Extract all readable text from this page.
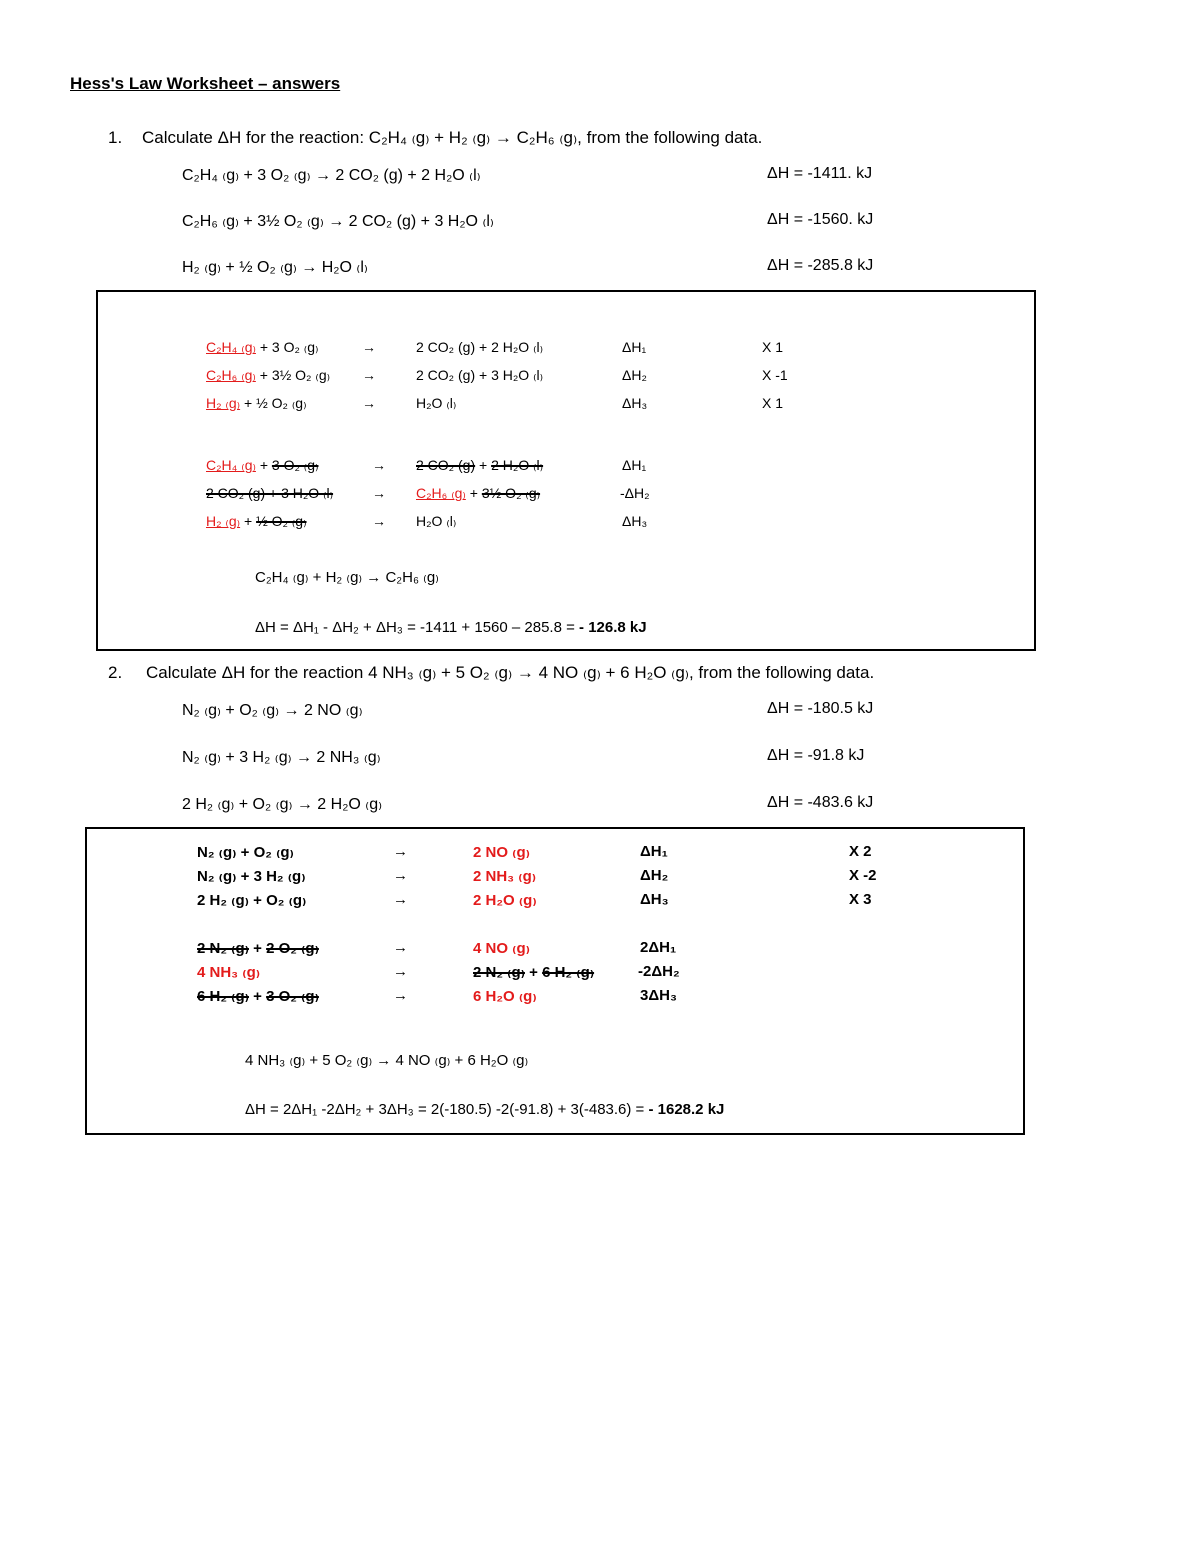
Hess's Law Worksheet – answers
1. Calculate ΔH for the reaction: C₂H₄ ₍g₎ + H₂ ₍g₎ → C₂H₆ ₍g₎, from the following data.
C₂H₄ ₍g₎ + 3 O₂ ₍g₎ → 2 CO₂ (g) + 2 H₂O ₍l₎	ΔH = -1411. kJ
C₂H₆ ₍g₎ + 3½ O₂ ₍g₎ → 2 CO₂ (g) + 3 H₂O ₍l₎	ΔH = -1560. kJ
H₂ ₍g₎ + ½ O₂ ₍g₎ → H₂O ₍l₎	ΔH = -285.8 kJ
C₂H₄ ₍g₎ + 3 O₂ ₍g₎	→	2 CO₂ (g) + 2 H₂O ₍l₎	ΔH₁	X 1
C₂H₆ ₍g₎ + 3½ O₂ ₍g₎ →	2 CO₂ (g) + 3 H₂O ₍l₎	ΔH₂	X -1
H₂ ₍g₎ + ½ O₂ ₍g₎	→	H₂O ₍l₎	ΔH₃	X 1
C₂H₄ ₍g₎ + 3 O₂ ₍g₎	→ 2 CO₂ (g) + 2 H₂O ₍l₎	ΔH₁
2 CO₂ (g) + 3 H₂O ₍l₎	→ C₂H₆ ₍g₎ + 3½ O₂ ₍g₎	-ΔH₂
H₂ ₍g₎ + ½ O₂ ₍g₎	→ H₂O ₍l₎	ΔH₃
C₂H₄ ₍g₎ + H₂ ₍g₎ → C₂H₆ ₍g₎
ΔH = ΔH₁ - ΔH₂ + ΔH₃ = -1411 + 1560 – 285.8 = - 126.8 kJ
2. Calculate ΔH for the reaction 4 NH₃ ₍g₎ + 5 O₂ ₍g₎ → 4 NO ₍g₎ + 6 H₂O ₍g₎, from the following data.
N₂ ₍g₎ + O₂ ₍g₎ → 2 NO ₍g₎	ΔH = -180.5 kJ
N₂ ₍g₎ + 3 H₂ ₍g₎ → 2 NH₃ ₍g₎	ΔH = -91.8 kJ
2 H₂ ₍g₎ + O₂ ₍g₎ → 2 H₂O ₍g₎	ΔH = -483.6 kJ
N₂ ₍g₎ + O₂ ₍g₎	→	2 NO ₍g₎	ΔH₁	X 2
N₂ ₍g₎ + 3 H₂ ₍g₎	→	2 NH₃ ₍g₎	ΔH₂	X -2
2 H₂ ₍g₎ + O₂ ₍g₎	→	2 H₂O ₍g₎	ΔH₃	X 3
2 N₂ ₍g₎ + 2 O₂ ₍g₎	→	4 NO ₍g₎	2ΔH₁
4 NH₃ ₍g₎	→	2 N₂ ₍g₎ + 6 H₂ ₍g₎	-2ΔH₂
6 H₂ ₍g₎ + 3 O₂ ₍g₎	→	6 H₂O ₍g₎	3ΔH₃
4 NH₃ ₍g₎ + 5 O₂ ₍g₎ → 4 NO ₍g₎ + 6 H₂O ₍g₎
ΔH = 2ΔH₁ -2ΔH₂ + 3ΔH₃ = 2(-180.5) -2(-91.8) + 3(-483.6) = - 1628.2 kJ
